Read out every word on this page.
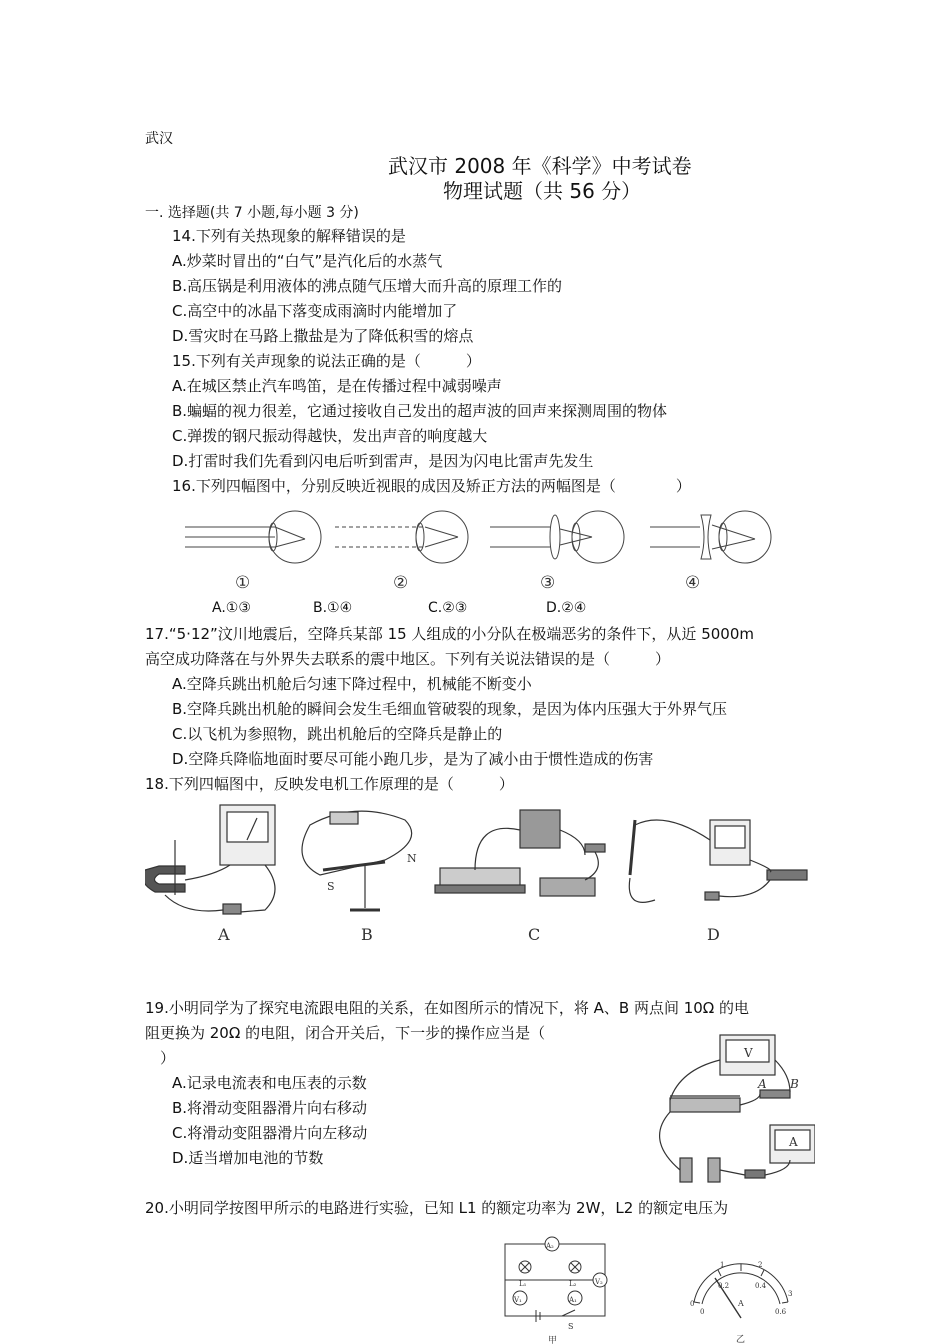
武汉
武汉市 2008 年《科学》中考试卷
物理试题（共 56 分）
一. 选择题(共 7 小题,每小题 3 分)
14.下列有关热现象的解释错误的是
A.炒菜时冒出的“白气”是汽化后的水蒸气
B.高压锅是利用液体的沸点随气压增大而升高的原理工作的
C.高空中的冰晶下落变成雨滴时内能增加了
D.雪灾时在马路上撒盐是为了降低积雪的熔点
15.下列有关声现象的说法正确的是（　　　）
A.在城区禁止汽车鸣笛，是在传播过程中减弱噪声
B.蝙蝠的视力很差，它通过接收自己发出的超声波的回声来探测周围的物体
C.弹拨的钢尺振动得越快，发出声音的响度越大
D.打雷时我们先看到闪电后听到雷声，是因为闪电比雷声先发生
16.下列四幅图中，分别反映近视眼的成因及矫正方法的两幅图是（　　　　）
①	②	③	④
A.①③	B.①④	C.②③	D.②④
17.“5·12”汶川地震后，空降兵某部 15 人组成的小分队在极端恶劣的条件下，从近 5000m
高空成功降落在与外界失去联系的震中地区。下列有关说法错误的是（　　　）
A.空降兵跳出机舱后匀速下降过程中，机械能不断变小
B.空降兵跳出机舱的瞬间会发生毛细血管破裂的现象，是因为体内压强大于外界气压
C.以飞机为参照物，跳出机舱后的空降兵是静止的
D.空降兵降临地面时要尽可能小跑几步，是为了减小由于惯性造成的伤害
18.下列四幅图中，反映发电机工作原理的是（　　　）
S
N
A	B	C	D
19.小明同学为了探究电流跟电阻的关系，在如图所示的情况下，将 A、B 两点间 10Ω 的电
阻更换为 20Ω 的电阻，闭合开关后，下一步的操作应当是（
）
A.记录电流表和电压表的示数
B.将滑动变阻器滑片向右移动
C.将滑动变阻器滑片向左移动
D.适当增加电池的节数
V
A
A B
20.小明同学按图甲所示的电路进行实验，已知 L1 的额定功率为 2W，L2 的额定电压为
A₂
V₂
V₁	A₁
L₁	L₂
S
甲
0
1	2
3
0
0.2	0.4
0.6
A
乙
